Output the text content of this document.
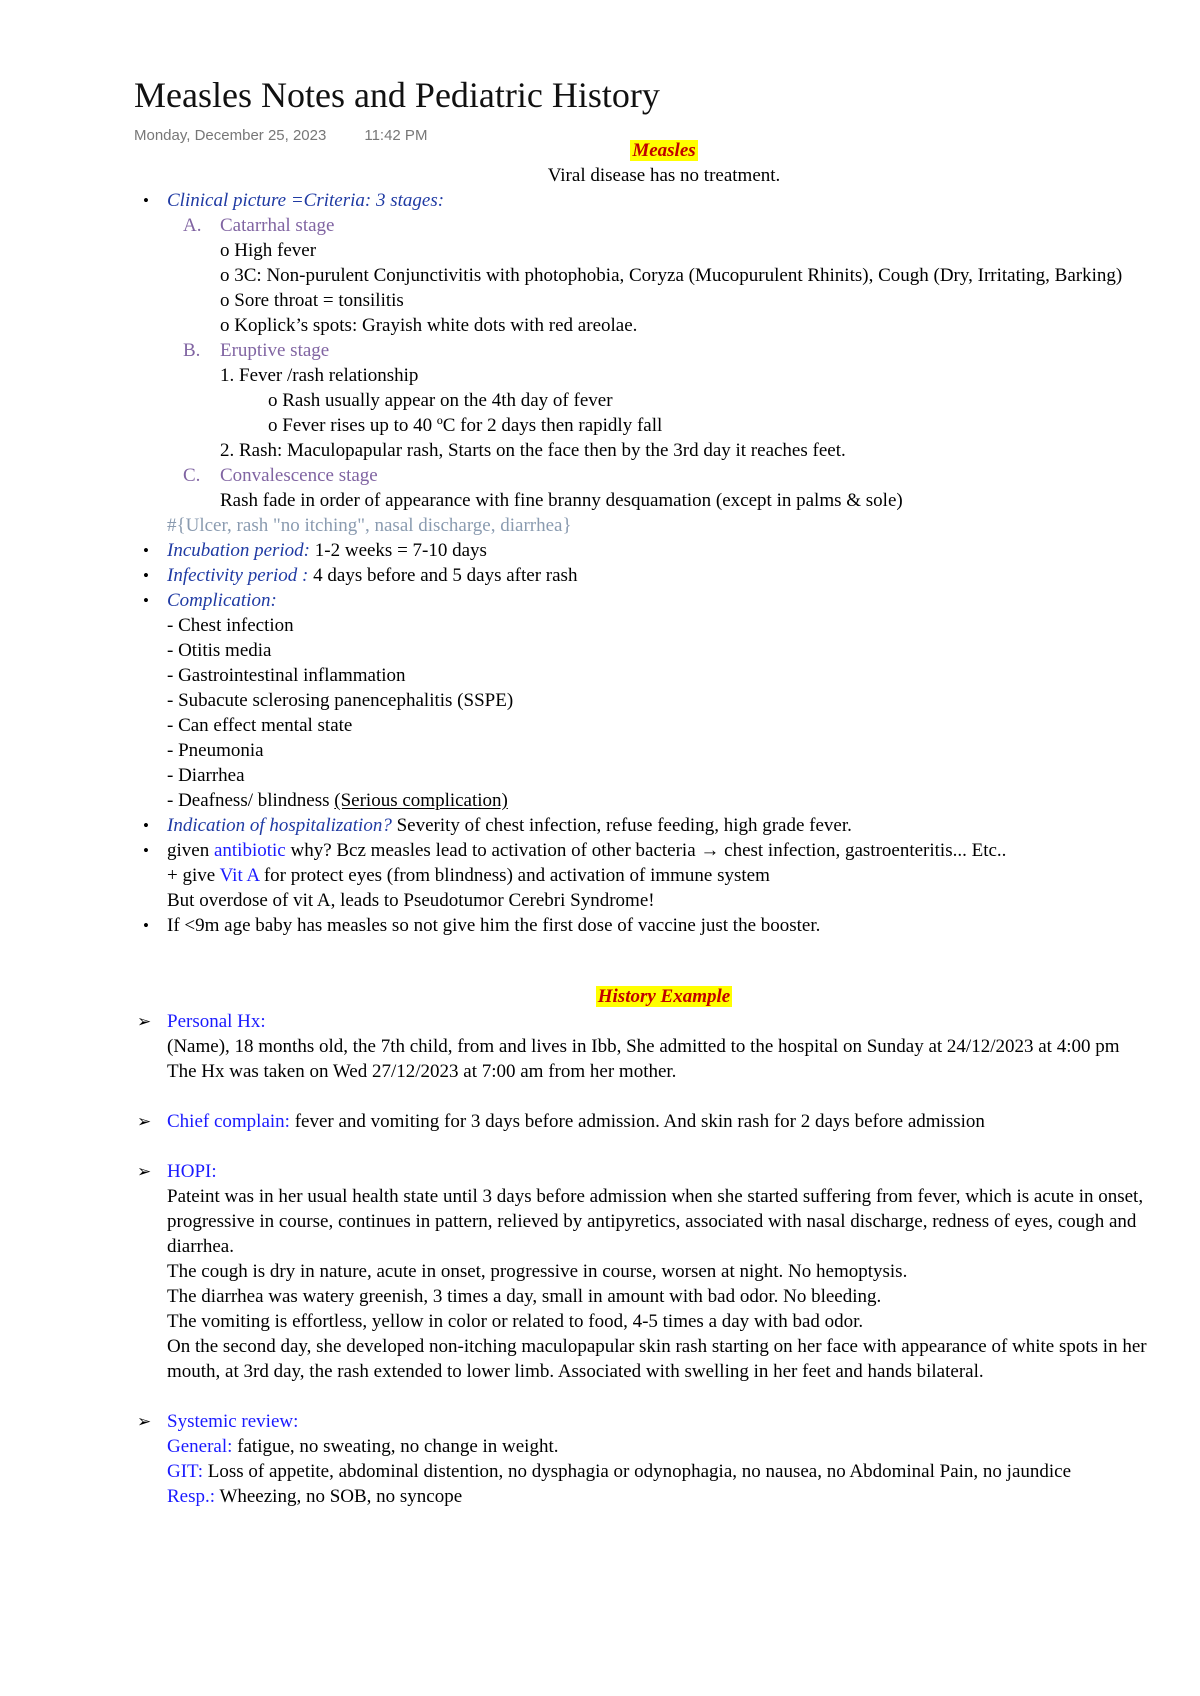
Measles Notes and Pediatric History
Monday, December 25, 2023	11:42 PM
Measles
Viral disease has no treatment.
• Clinical picture =Criteria: 3 stages:
A. Catarrhal stage
o High fever
o 3C: Non-purulent Conjunctivitis with photophobia, Coryza (Mucopurulent Rhinits), Cough (Dry, Irritating, Barking)
o Sore throat = tonsilitis
o Koplick’s spots: Grayish white dots with red areolae.
B. Eruptive stage
1. Fever /rash relationship
o Rash usually appear on the 4th day of fever
o Fever rises up to 40 ºC for 2 days then rapidly fall
2. Rash: Maculopapular rash, Starts on the face then by the 3rd day it reaches feet.
C. Convalescence stage
Rash fade in order of appearance with fine branny desquamation (except in palms & sole)
#{Ulcer, rash "no itching", nasal discharge, diarrhea}
• Incubation period: 1-2 weeks = 7-10 days
• Infectivity period : 4 days before and 5 days after rash
• Complication:
- Chest infection
- Otitis media
- Gastrointestinal inflammation
- Subacute sclerosing panencephalitis (SSPE)
- Can effect mental state
- Pneumonia
- Diarrhea
- Deafness/ blindness (Serious complication)
• Indication of hospitalization? Severity of chest infection, refuse feeding, high grade fever.
• given antibiotic why? Bcz measles lead to activation of other bacteria → chest infection, gastroenteritis... Etc..
+ give Vit A for protect eyes (from blindness) and activation of immune system
But overdose of vit A, leads to Pseudotumor Cerebri Syndrome!
• If <9m age baby has measles so not give him the first dose of vaccine just the booster.
History Example
➢ Personal Hx:
(Name), 18 months old, the 7th child, from and lives in Ibb, She admitted to the hospital on Sunday at 24/12/2023 at 4:00 pm
The Hx was taken on Wed 27/12/2023 at 7:00 am from her mother.
➢ Chief complain: fever and vomiting for 3 days before admission. And skin rash for 2 days before admission
➢ HOPI:
Pateint was in her usual health state until 3 days before admission when she started suffering from fever, which is acute in onset, progressive in course, continues in pattern, relieved by antipyretics, associated with nasal discharge, redness of eyes, cough and diarrhea.
The cough is dry in nature, acute in onset, progressive in course, worsen at night. No hemoptysis.
The diarrhea was watery greenish, 3 times a day, small in amount with bad odor. No bleeding.
The vomiting is effortless, yellow in color or related to food, 4-5 times a day with bad odor.
On the second day, she developed non-itching maculopapular skin rash starting on her face with appearance of white spots in her mouth, at 3rd day, the rash extended to lower limb. Associated with swelling in her feet and hands bilateral.
➢ Systemic review:
General: fatigue, no sweating, no change in weight.
GIT: Loss of appetite, abdominal distention, no dysphagia or odynophagia, no nausea, no Abdominal Pain, no jaundice
Resp.: Wheezing, no SOB, no syncope
